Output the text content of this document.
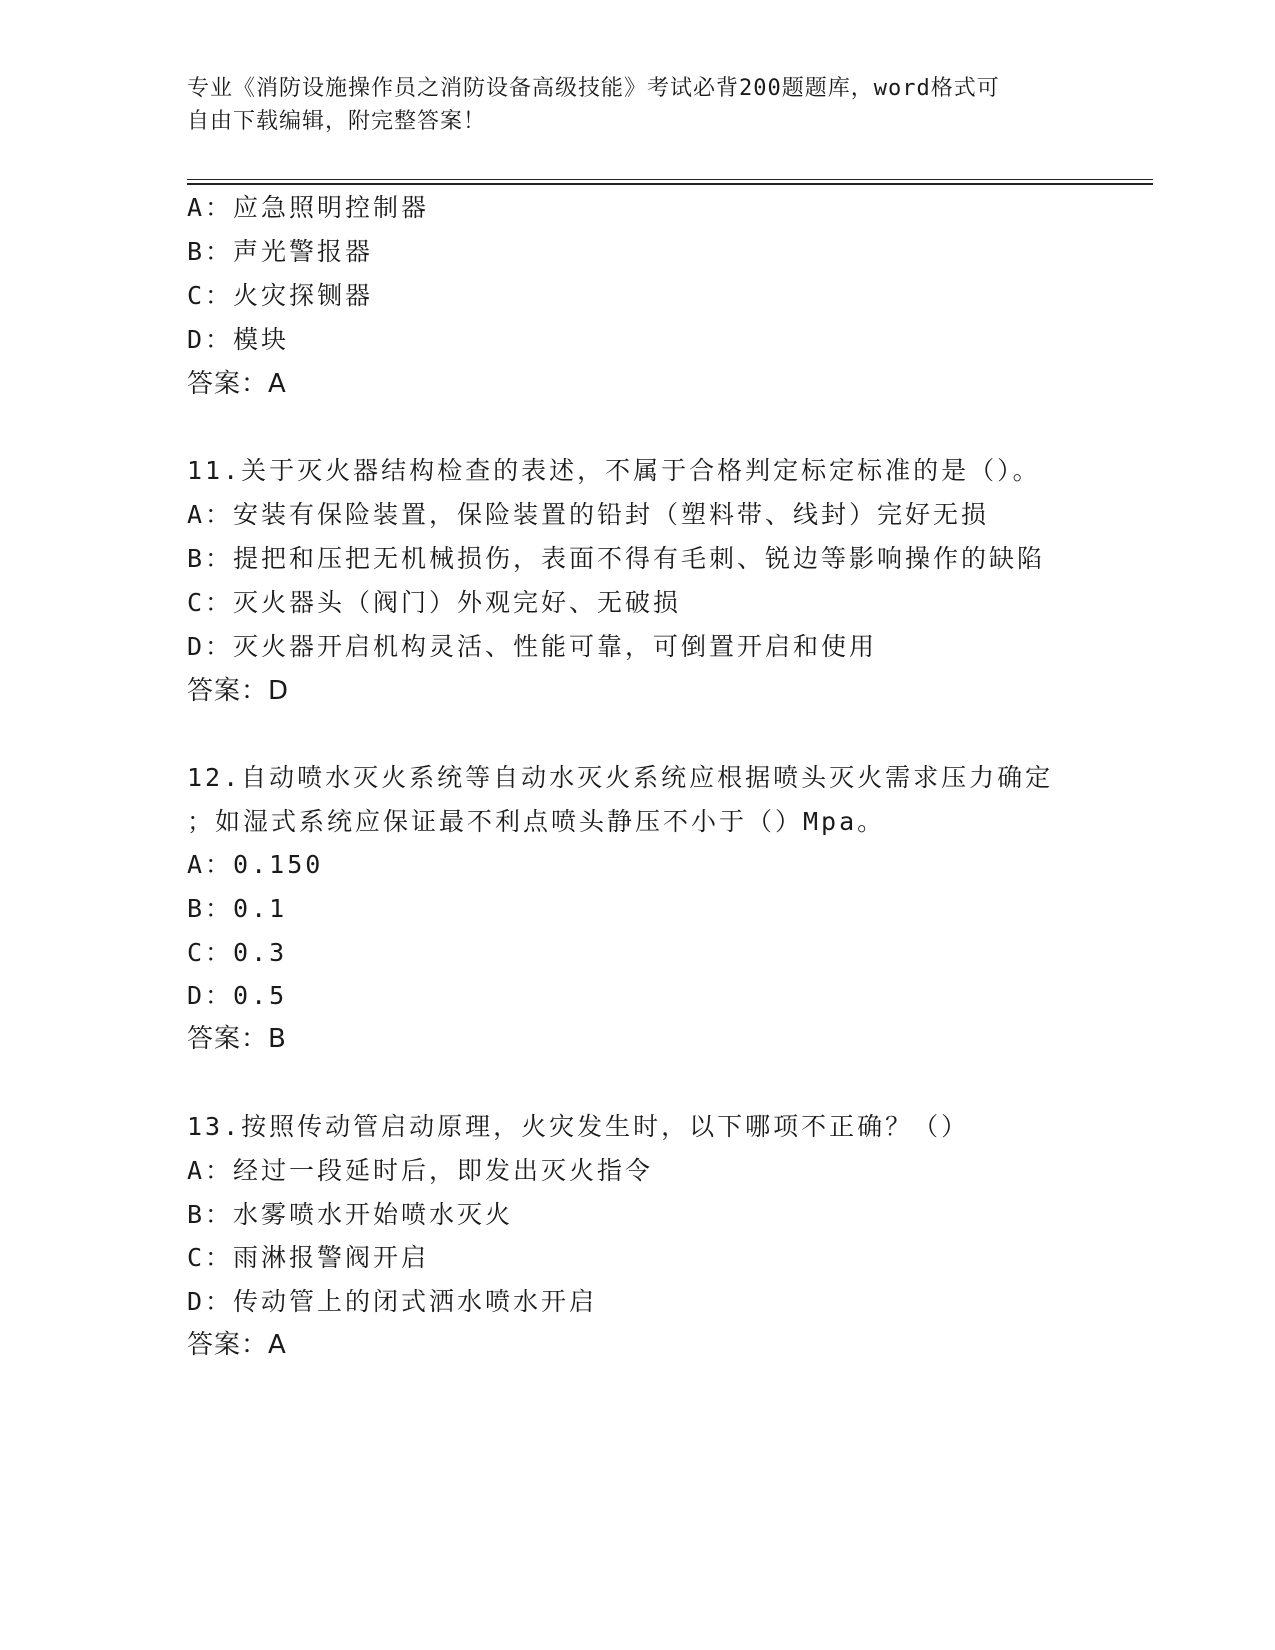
专业《消防设施操作员之消防设备高级技能》考试必背200题题库，word格式可
自由下载编辑，附完整答案！
A：应急照明控制器
B：声光警报器
C：火灾探铡器
D：模块
答案：A
11.关于灭火器结构检查的表述，不属于合格判定标定标准的是（）。
A：安装有保险装置，保险装置的铅封（塑料带、线封）完好无损
B：提把和压把无机械损伤，表面不得有毛刺、锐边等影响操作的缺陷
C：灭火器头（阀门）外观完好、无破损
D：灭火器开启机构灵活、性能可靠，可倒置开启和使用
答案：D
12.自动喷水灭火系统等自动水灭火系统应根据喷头灭火需求压力确定
；如湿式系统应保证最不利点喷头静压不小于（）Mpa。
A：0.150
B：0.1
C：0.3
D：0.5
答案：B
13.按照传动管启动原理，火灾发生时，以下哪项不正确？（）
A：经过一段延时后，即发出灭火指令
B：水雾喷水开始喷水灭火
C：雨淋报警阀开启
D：传动管上的闭式洒水喷水开启
答案：A
